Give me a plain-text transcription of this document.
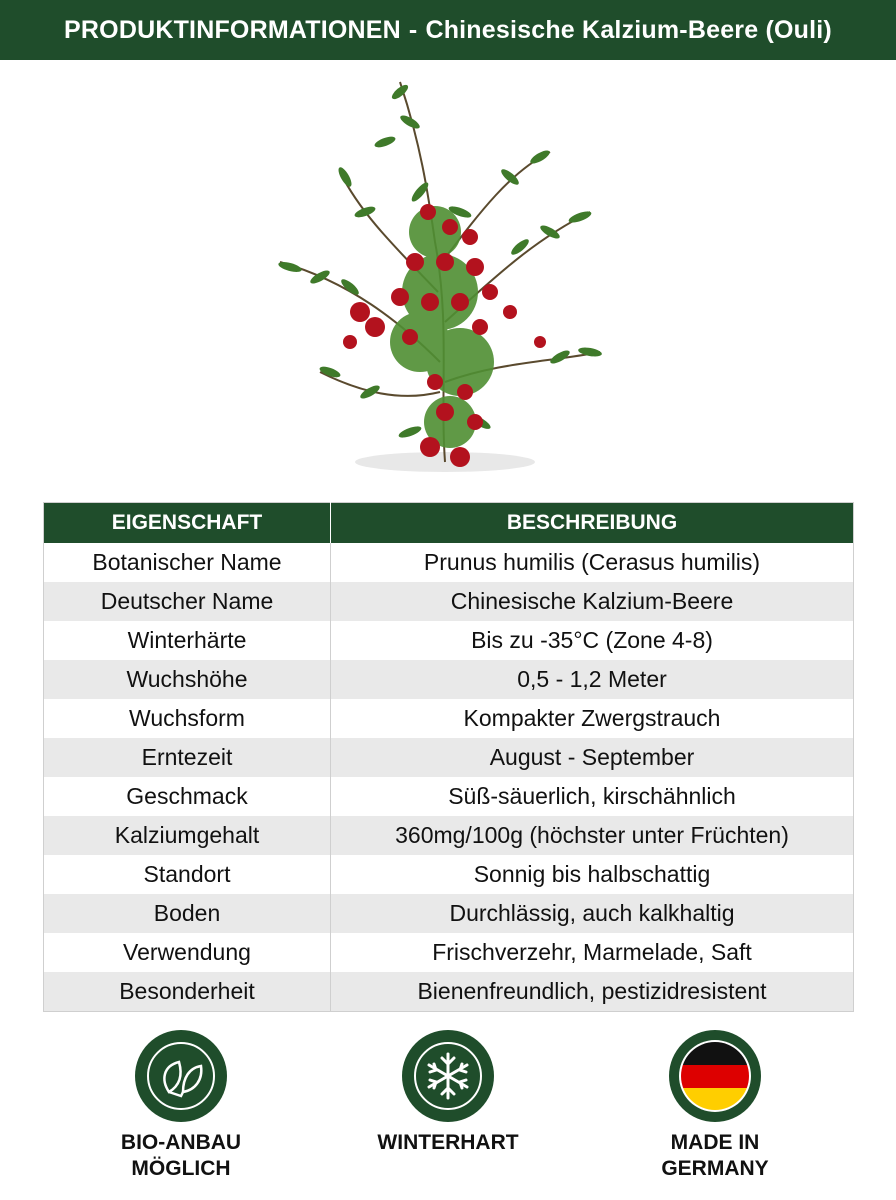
PRODUKTINFORMATIONEN - Chinesische Kalzium-Beere (Ouli)
EIGENSCHAFT	BESCHREIBUNG
Botanischer Name	Prunus humilis (Cerasus humilis)
Deutscher Name	Chinesische Kalzium-Beere
Winterhärte	Bis zu -35°C (Zone 4-8)
Wuchshöhe	0,5 - 1,2 Meter
Wuchsform	Kompakter Zwergstrauch
Erntezeit	August - September
Geschmack	Süß-säuerlich, kirschähnlich
Kalziumgehalt	360mg/100g (höchster unter Früchten)
Standort	Sonnig bis halbschattig
Boden	Durchlässig, auch kalkhaltig
Verwendung	Frischverzehr, Marmelade, Saft
Besonderheit	Bienenfreundlich, pestizidresistent
BIO-ANBAU
MÖGLICH
WINTERHART	MADE IN
GERMANY
